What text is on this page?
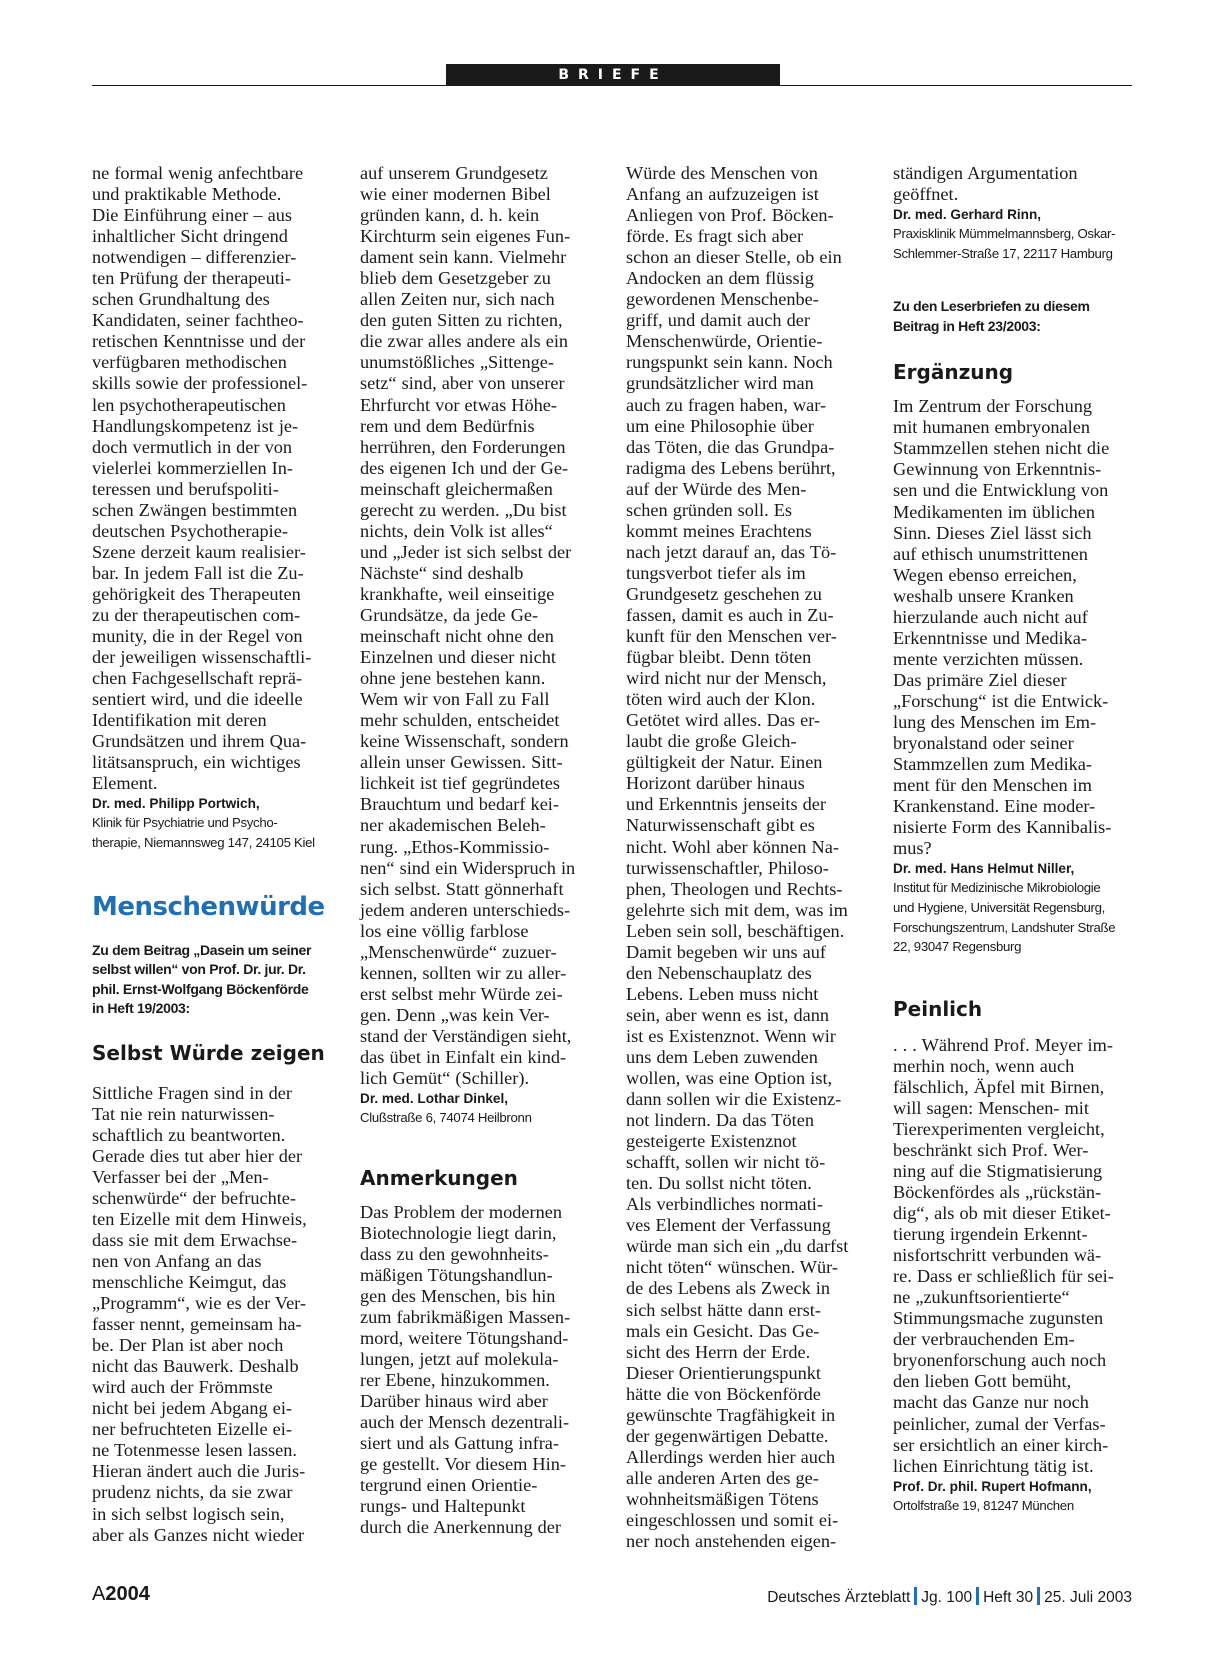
BRIEFE

ne formal wenig anfechtbare
und praktikable Methode.
Die Einführung einer – aus
inhaltlicher Sicht dringend
notwendigen – differenzier-
ten Prüfung der therapeuti-
schen Grundhaltung des
Kandidaten, seiner fachtheo-
retischen Kenntnisse und der
verfügbaren methodischen
skills sowie der professionel-
len psychotherapeutischen
Handlungskompetenz ist je-
doch vermutlich in der von
vielerlei kommerziellen In-
teressen und berufspoliti-
schen Zwängen bestimmten
deutschen Psychotherapie-
Szene derzeit kaum realisier-
bar. In jedem Fall ist die Zu-
gehörigkeit des Therapeuten
zu der therapeutischen com-
munity, die in der Regel von
der jeweiligen wissenschaftli-
chen Fachgesellschaft reprä-
sentiert wird, und die ideelle
Identifikation mit deren
Grundsätzen und ihrem Qua-
litätsanspruch, ein wichtiges
Element.

Dr. med. Philipp Portwich,

Klinik für Psychiatrie und Psycho-
therapie, Niemannsweg 147, 24105 Kiel

Menschenwürde

Zu dem Beitrag „Dasein um seiner
selbst willen“ von Prof. Dr. jur. Dr.
phil. Ernst-Wolfgang Böckenförde
in Heft 19/2003:

Selbst Würde zeigen

Sittliche Fragen sind in der
Tat nie rein naturwissen-
schaftlich zu beantworten.
Gerade dies tut aber hier der
Verfasser bei der „Men-
schenwürde“ der befruchte-
ten Eizelle mit dem Hinweis,
dass sie mit dem Erwachse-
nen von Anfang an das
menschliche Keimgut, das
„Programm“, wie es der Ver-
fasser nennt, gemeinsam ha-
be. Der Plan ist aber noch
nicht das Bauwerk. Deshalb
wird auch der Frömmste
nicht bei jedem Abgang ei-
ner befruchteten Eizelle ei-
ne Totenmesse lesen lassen.
Hieran ändert auch die Juris-
prudenz nichts, da sie zwar
in sich selbst logisch sein,
aber als Ganzes nicht wieder

auf unserem Grundgesetz
wie einer modernen Bibel
gründen kann, d. h. kein
Kirchturm sein eigenes Fun-
dament sein kann. Vielmehr
blieb dem Gesetzgeber zu
allen Zeiten nur, sich nach
den guten Sitten zu richten,
die zwar alles andere als ein
unumstößliches „Sittenge-
setz“ sind, aber von unserer
Ehrfurcht vor etwas Höhe-
rem und dem Bedürfnis
herrühren, den Forderungen
des eigenen Ich und der Ge-
meinschaft gleichermaßen
gerecht zu werden. „Du bist
nichts, dein Volk ist alles“
und „Jeder ist sich selbst der
Nächste“ sind deshalb
krankhafte, weil einseitige
Grundsätze, da jede Ge-
meinschaft nicht ohne den
Einzelnen und dieser nicht
ohne jene bestehen kann.
Wem wir von Fall zu Fall
mehr schulden, entscheidet
keine Wissenschaft, sondern
allein unser Gewissen. Sitt-
lichkeit ist tief gegründetes
Brauchtum und bedarf kei-
ner akademischen Beleh-
rung. „Ethos-Kommissio-
nen“ sind ein Widerspruch in
sich selbst. Statt gönnerhaft
jedem anderen unterschieds-
los eine völlig farblose
„Menschenwürde“ zuzuer-
kennen, sollten wir zu aller-
erst selbst mehr Würde zei-
gen. Denn „was kein Ver-
stand der Verständigen sieht,
das übet in Einfalt ein kind-
lich Gemüt“ (Schiller).

Dr. med. Lothar Dinkel,

Clußstraße 6, 74074 Heilbronn

Anmerkungen

Das Problem der modernen
Biotechnologie liegt darin,
dass zu den gewohnheits-
mäßigen Tötungshandlun-
gen des Menschen, bis hin
zum fabrikmäßigen Massen-
mord, weitere Tötungshand-
lungen, jetzt auf molekula-
rer Ebene, hinzukommen.
Darüber hinaus wird aber
auch der Mensch dezentrali-
siert und als Gattung infra-
ge gestellt. Vor diesem Hin-
tergrund einen Orientie-
rungs- und Haltepunkt
durch die Anerkennung der

Würde des Menschen von
Anfang an aufzuzeigen ist
Anliegen von Prof. Böcken-
förde. Es fragt sich aber
schon an dieser Stelle, ob ein
Andocken an dem flüssig
gewordenen Menschenbe-
griff, und damit auch der
Menschenwürde, Orientie-
rungspunkt sein kann. Noch
grundsätzlicher wird man
auch zu fragen haben, war-
um eine Philosophie über
das Töten, die das Grundpa-
radigma des Lebens berührt,
auf der Würde des Men-
schen gründen soll. Es
kommt meines Erachtens
nach jetzt darauf an, das Tö-
tungsverbot tiefer als im
Grundgesetz geschehen zu
fassen, damit es auch in Zu-
kunft für den Menschen ver-
fügbar bleibt. Denn töten
wird nicht nur der Mensch,
töten wird auch der Klon.
Getötet wird alles. Das er-
laubt die große Gleich-
gültigkeit der Natur. Einen
Horizont darüber hinaus
und Erkenntnis jenseits der
Naturwissenschaft gibt es
nicht. Wohl aber können Na-
turwissenschaftler, Philoso-
phen, Theologen und Rechts-
gelehrte sich mit dem, was im
Leben sein soll, beschäftigen.
Damit begeben wir uns auf
den Nebenschauplatz des
Lebens. Leben muss nicht
sein, aber wenn es ist, dann
ist es Existenznot. Wenn wir
uns dem Leben zuwenden
wollen, was eine Option ist,
dann sollen wir die Existenz-
not lindern. Da das Töten
gesteigerte Existenznot
schafft, sollen wir nicht tö-
ten. Du sollst nicht töten.
Als verbindliches normati-
ves Element der Verfassung
würde man sich ein „du darfst
nicht töten“ wünschen. Wür-
de des Lebens als Zweck in
sich selbst hätte dann erst-
mals ein Gesicht. Das Ge-
sicht des Herrn der Erde.
Dieser Orientierungspunkt
hätte die von Böckenförde
gewünschte Tragfähigkeit in
der gegenwärtigen Debatte.
Allerdings werden hier auch
alle anderen Arten des ge-
wohnheitsmäßigen Tötens
eingeschlossen und somit ei-
ner noch anstehenden eigen-

ständigen Argumentation
geöffnet.

Dr. med. Gerhard Rinn,

Praxisklinik Mümmelmannsberg, Oskar-
Schlemmer-Straße 17, 22117 Hamburg

Zu den Leserbriefen zu diesem
Beitrag in Heft 23/2003:

Ergänzung

Im Zentrum der Forschung
mit humanen embryonalen
Stammzellen stehen nicht die
Gewinnung von Erkenntnis-
sen und die Entwicklung von
Medikamenten im üblichen
Sinn. Dieses Ziel lässt sich
auf ethisch unumstrittenen
Wegen ebenso erreichen,
weshalb unsere Kranken
hierzulande auch nicht auf
Erkenntnisse und Medika-
mente verzichten müssen.
Das primäre Ziel dieser
„Forschung“ ist die Entwick-
lung des Menschen im Em-
bryonalstand oder seiner
Stammzellen zum Medika-
ment für den Menschen im
Krankenstand. Eine moder-
nisierte Form des Kannibalis-
mus?

Dr. med. Hans Helmut Niller,

Institut für Medizinische Mikrobiologie
und Hygiene, Universität Regensburg,
Forschungszentrum, Landshuter Straße
22, 93047 Regensburg

Peinlich

. . . Während Prof. Meyer im-
merhin noch, wenn auch
fälschlich, Äpfel mit Birnen,
will sagen: Menschen- mit
Tierexperimenten vergleicht,
beschränkt sich Prof. Wer-
ning auf die Stigmatisierung
Böckenfördes als „rückstän-
dig“, als ob mit dieser Etiket-
tierung irgendein Erkennt-
nisfortschritt verbunden wä-
re. Dass er schließlich für sei-
ne „zukunftsorientierte“
Stimmungsmache zugunsten
der verbrauchenden Em-
bryonenforschung auch noch
den lieben Gott bemüht,
macht das Ganze nur noch
peinlicher, zumal der Verfas-
ser ersichtlich an einer kirch-
lichen Einrichtung tätig ist.

Prof. Dr. phil. Rupert Hofmann,

Ortolfstraße 19, 81247 München

A2004	Deutsches Ärzteblatt Jg. 100 Heft 30 25. Juli 2003
